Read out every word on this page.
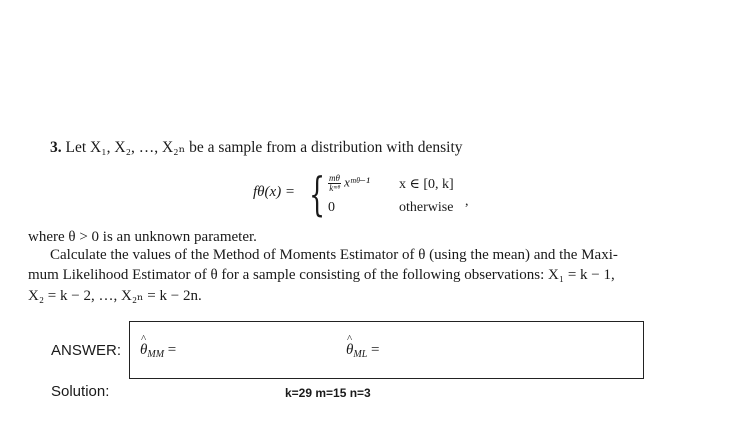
3. Let X₁, X₂, …, X₂ₙ be a sample from a distribution with density
fθ(x) = { $\frac{m\theta}{\text{kᵐᶿ}}$ xᵐᶿ⁻¹ x ∈ [0, k]
0	otherwise ,
where θ > 0 is an unknown parameter.
Calculate the values of the Method of Moments Estimator of θ (using the mean) and the Maxi-
mum Likelihood Estimator of θ for a sample consisting of the following observations: X₁ = k − 1,
X₂ = k − 2, …, X₂ₙ = k − 2n.
ANSWER: ^ $\theta_{MM}$ =	^ $\theta_{ML}$ =
Solution:	k=29 m=15 n=3
